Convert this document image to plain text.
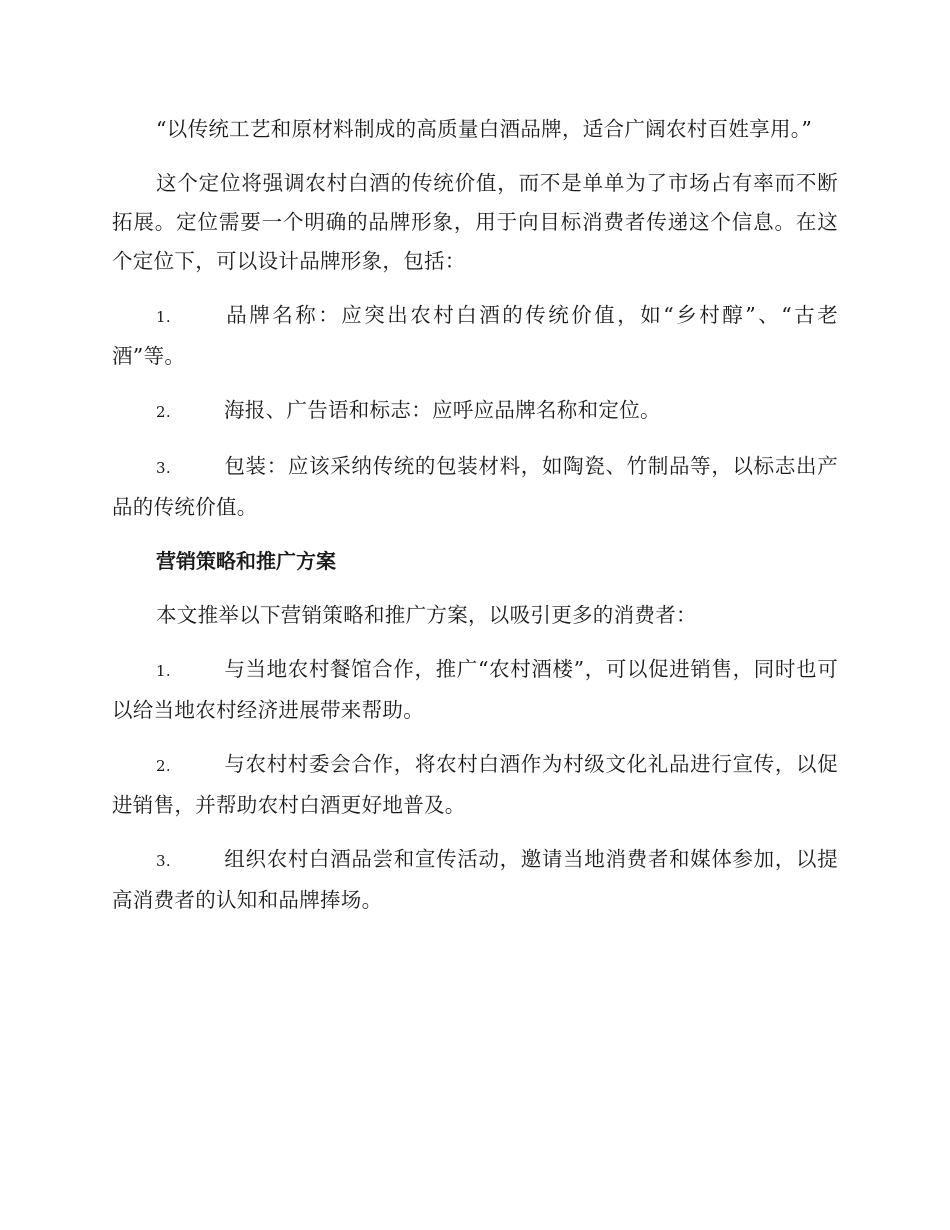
“以传统工艺和原材料制成的高质量白酒品牌，适合广阔农村百姓享用。”

这个定位将强调农村白酒的传统价值，而不是单单为了市场占有率而不断拓展。定位需要一个明确的品牌形象，用于向目标消费者传递这个信息。在这个定位下，可以设计品牌形象，包括：

1.	品牌名称：应突出农村白酒的传统价值，如“乡村醇”、“古老酒”等。

2.	海报、广告语和标志：应呼应品牌名称和定位。

3.	包装：应该采纳传统的包装材料，如陶瓷、竹制品等，以标志出产品的传统价值。

营销策略和推广方案

本文推举以下营销策略和推广方案，以吸引更多的消费者：

1.	与当地农村餐馆合作，推广“农村酒楼”，可以促进销售，同时也可以给当地农村经济进展带来帮助。

2.	与农村村委会合作，将农村白酒作为村级文化礼品进行宣传，以促进销售，并帮助农村白酒更好地普及。

3.	组织农村白酒品尝和宣传活动，邀请当地消费者和媒体参加，以提高消费者的认知和品牌捧场。
